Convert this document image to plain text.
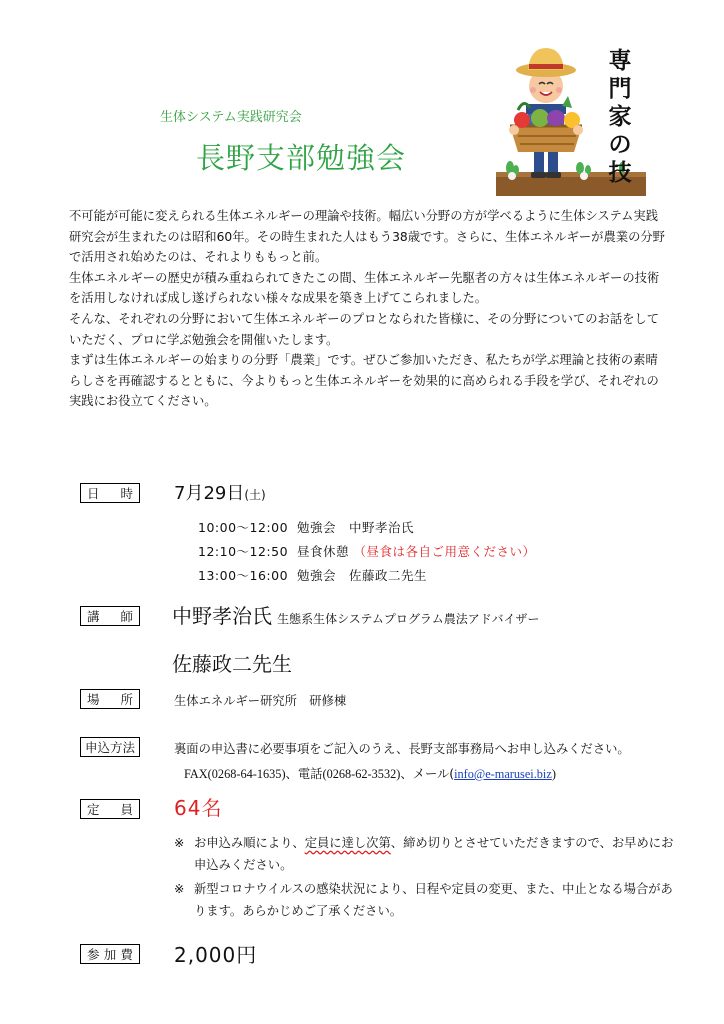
生体システム実践研究会
長野支部勉強会
専
門
家
の
技

不可能が可能に変えられる生体エネルギーの理論や技術。幅広い分野の方が学べるように生体システム実践研究会が生まれたのは昭和60年。その時生まれた人はもう38歳です。さらに、生体エネルギーが農業の分野で活用され始めたのは、それよりももっと前。

生体エネルギーの歴史が積み重ねられてきたこの間、生体エネルギー先駆者の方々は生体エネルギーの技術を活用しなければ成し遂げられない様々な成果を築き上げてこられました。

そんな、それぞれの分野において生体エネルギーのプロとなられた皆様に、その分野についてのお話をしていただく、プロに学ぶ勉強会を開催いたします。

まずは生体エネルギーの始まりの分野「農業」です。ぜひご参加いただき、私たちが学ぶ理論と技術の素晴らしさを再確認するとともに、今よりもっと生体エネルギーを効果的に高められる手段を学び、それぞれの実践にお役立てください。

日　時	7月29日(土)
10:00～12:00 勉強会　中野孝治氏
12:10～12:50 昼食休憩 （昼食は各自ご用意ください）
13:00～16:00 勉強会　佐藤政二先生
講　師	中野孝治氏 生態系生体システムプログラム農法アドバイザー
佐藤政二先生
場　所	生体エネルギー研究所　研修棟
申込方法	裏面の申込書に必要事項をご記入のうえ、長野支部事務局へお申し込みください。
FAX(0268-64-1635)、電話(0268-62-3532)、メール(info@e-marusei.biz)
定　員	64名
※ お申込み順により、定員に達し次第、締め切りとさせていただきますので、お早めにお申込みください。
※ 新型コロナウイルスの感染状況により、日程や定員の変更、また、中止となる場合があります。あらかじめご了承ください。
参加費	2,000円
